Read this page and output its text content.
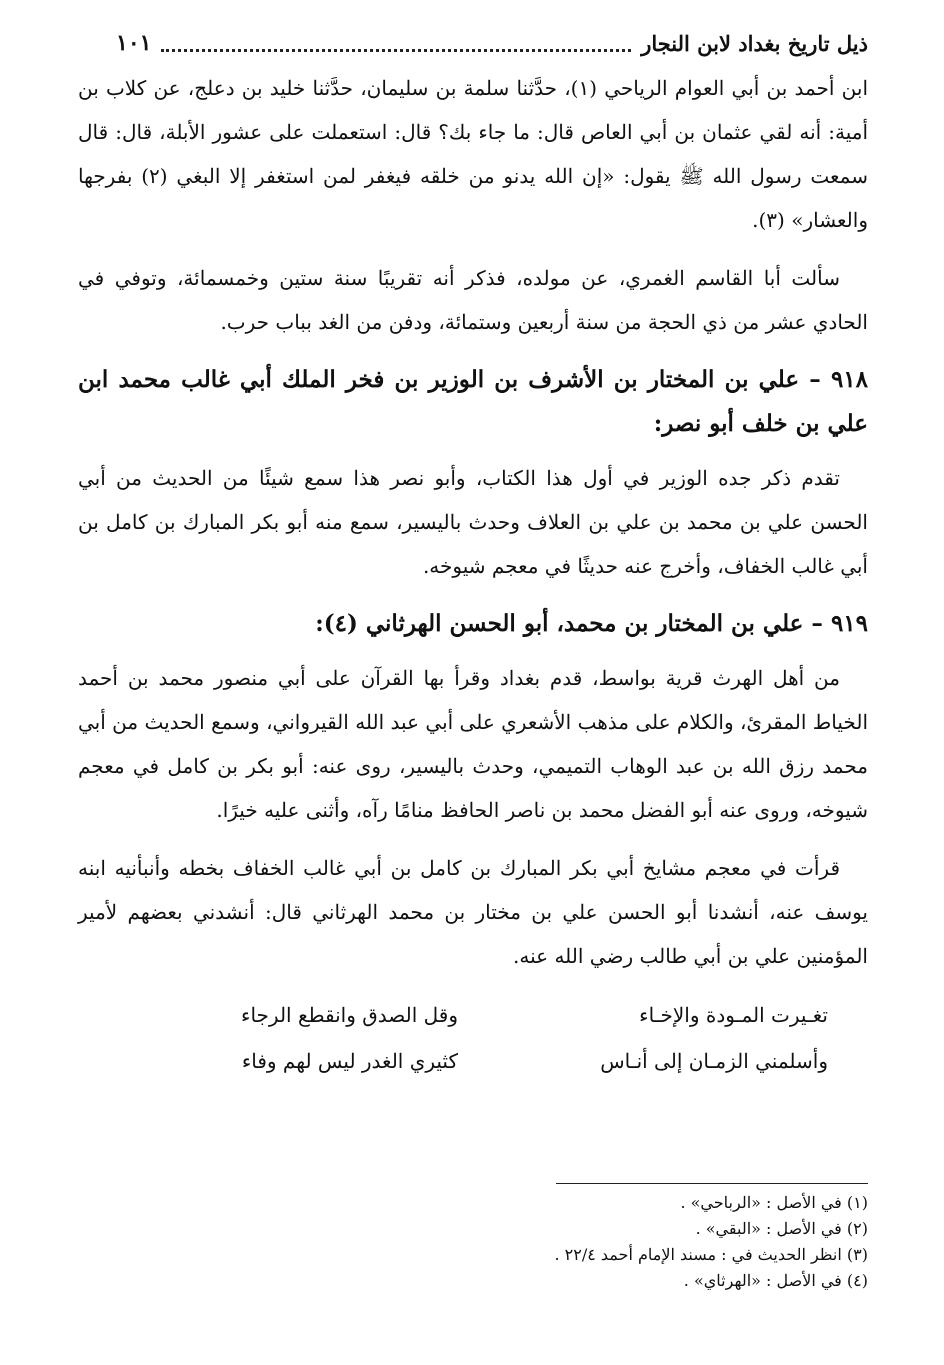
ذيل تاريخ بغداد لابن النجار
١٠١

ابن أحمد بن أبي العوام الرياحي (١)، حدَّثنا سلمة بن سليمان، حدَّثنا خليد بن دعلج، عن كلاب بن أمية: أنه لقي عثمان بن أبي العاص قال: ما جاء بك؟ قال: استعملت على عشور الأبلة، قال: قال سمعت رسول الله ﷺ يقول: «إن الله يدنو من خلقه فيغفر لمن استغفر إلا البغي (٢) بفرجها والعشار» (٣).

سألت أبا القاسم الغمري، عن مولده، فذكر أنه تقريبًا سنة ستين وخمسمائة، وتوفي في الحادي عشر من ذي الحجة من سنة أربعين وستمائة، ودفن من الغد بباب حرب.

٩١٨ – علي بن المختار بن الأشرف بن الوزير بن فخر الملك أبي غالب محمد ابن علي بن خلف أبو نصر:

تقدم ذكر جده الوزير في أول هذا الكتاب، وأبو نصر هذا سمع شيئًا من الحديث من أبي الحسن علي بن محمد بن علي بن العلاف وحدث باليسير، سمع منه أبو بكر المبارك بن كامل بن أبي غالب الخفاف، وأخرج عنه حديثًا في معجم شيوخه.

٩١٩ – علي بن المختار بن محمد، أبو الحسن الهرثاني (٤):

من أهل الهرث قرية بواسط، قدم بغداد وقرأ بها القرآن على أبي منصور محمد بن أحمد الخياط المقرئ، والكلام على مذهب الأشعري على أبي عبد الله القيرواني، وسمع الحديث من أبي محمد رزق الله بن عبد الوهاب التميمي، وحدث باليسير، روى عنه: أبو بكر بن كامل في معجم شيوخه، وروى عنه أبو الفضل محمد بن ناصر الحافظ منامًا رآه، وأثنى عليه خيرًا.

قرأت في معجم مشايخ أبي بكر المبارك بن كامل بن أبي غالب الخفاف بخطه وأنبأنيه ابنه يوسف عنه، أنشدنا أبو الحسن علي بن مختار بن محمد الهرثاني قال: أنشدني بعضهم لأمير المؤمنين علي بن أبي طالب رضي الله عنه.

تغـيرت المـودة والإخـاء
وقل الصدق وانقطع الرجاء
وأسلمني الزمـان إلى أنـاس
كثيري الغدر ليس لهم وفاء
(١) في الأصل : «الرباحي» .
(٢) في الأصل : «البقي» .
(٣) انظر الحديث في : مسند الإمام أحمد ٢٢/٤ .
(٤) في الأصل : «الهرثاي» .
